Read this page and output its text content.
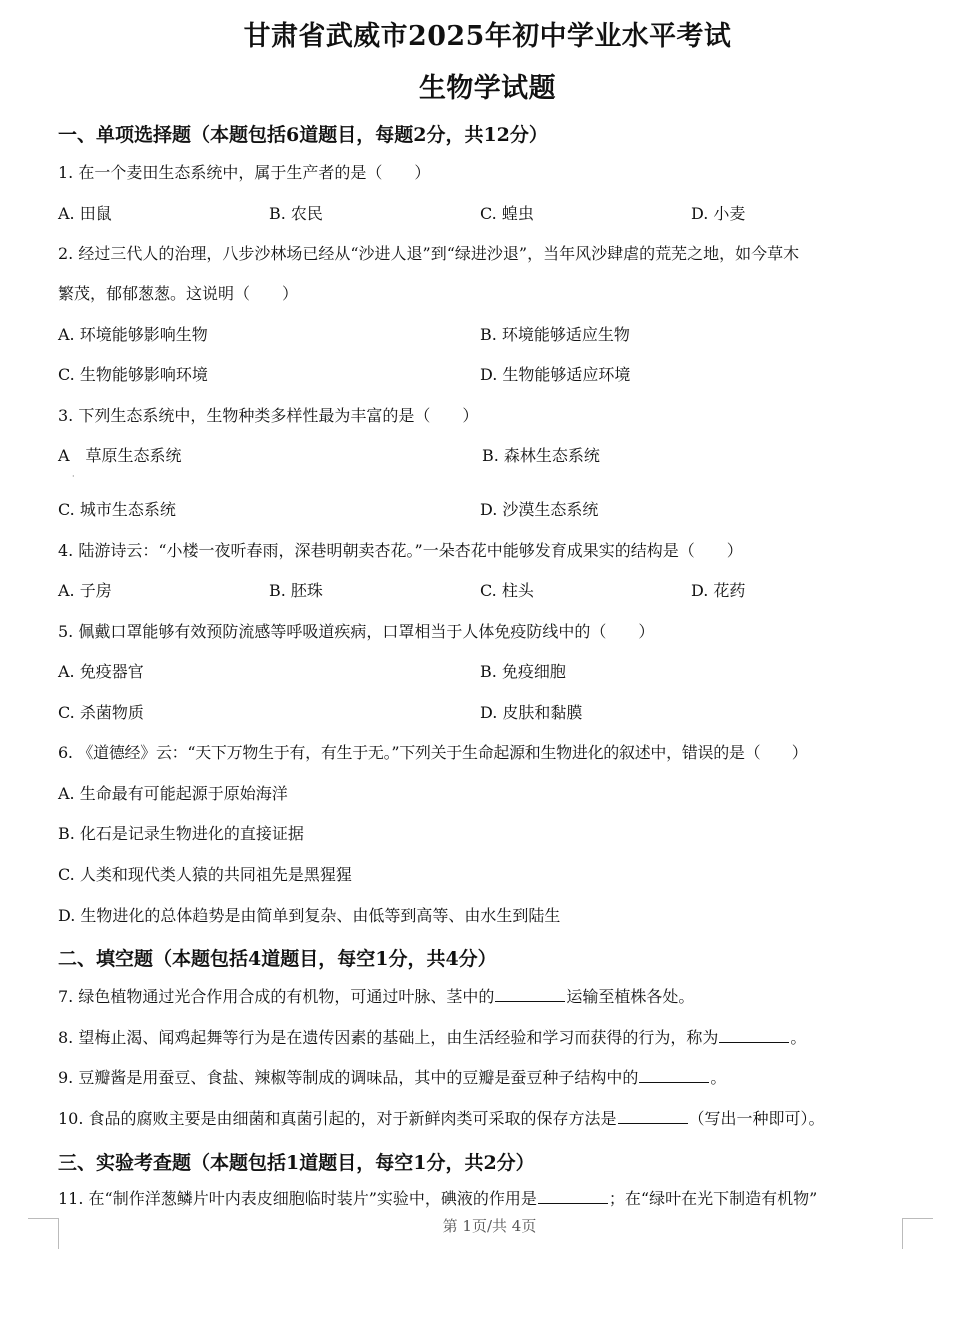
甘肃省武威市2025年初中学业水平考试
生物学试题
一、单项选择题（本题包括6道题目，每题2分，共12分）
1. 在一个麦田生态系统中，属于生产者的是（　　）
A. 田鼠	B. 农民	C. 蝗虫	D. 小麦
2. 经过三代人的治理，八步沙林场已经从“沙进人退”到“绿进沙退”，当年风沙肆虐的荒芜之地，如今草木
繁茂，郁郁葱葱。这说明（　　）
A. 环境能够影响生物	B. 环境能够适应生物
C. 生物能够影响环境	D. 生物能够适应环境
3. 下列生态系统中，生物种类多样性最为丰富的是（　　）
A　草原生态系统	B. 森林生态系统
·
C. 城市生态系统	D. 沙漠生态系统
4. 陆游诗云：“小楼一夜听春雨，深巷明朝卖杏花。”一朵杏花中能够发育成果实的结构是（　　）
A. 子房	B. 胚珠	C. 柱头	D. 花药
5. 佩戴口罩能够有效预防流感等呼吸道疾病，口罩相当于人体免疫防线中的（　　）
A. 免疫器官	B. 免疫细胞
C. 杀菌物质	D. 皮肤和黏膜
6. 《道德经》云：“天下万物生于有，有生于无。”下列关于生命起源和生物进化的叙述中，错误的是（　　）
A. 生命最有可能起源于原始海洋
B. 化石是记录生物进化的直接证据
C. 人类和现代类人猿的共同祖先是黑猩猩
D. 生物进化的总体趋势是由简单到复杂、由低等到高等、由水生到陆生
二、填空题（本题包括4道题目，每空1分，共4分）
7. 绿色植物通过光合作用合成的有机物，可通过叶脉、茎中的	运输至植株各处。
8. 望梅止渴、闻鸡起舞等行为是在遗传因素的基础上，由生活经验和学习而获得的行为，称为	。
9. 豆瓣酱是用蚕豆、食盐、辣椒等制成的调味品，其中的豆瓣是蚕豆种子结构中的	。
10. 食品的腐败主要是由细菌和真菌引起的，对于新鲜肉类可采取的保存方法是	（写出一种即可）。
三、实验考查题（本题包括1道题目，每空1分，共2分）
11. 在“制作洋葱鳞片叶内表皮细胞临时装片”实验中，碘液的作用是	；在“绿叶在光下制造有机物”
第 1页/共 4页
